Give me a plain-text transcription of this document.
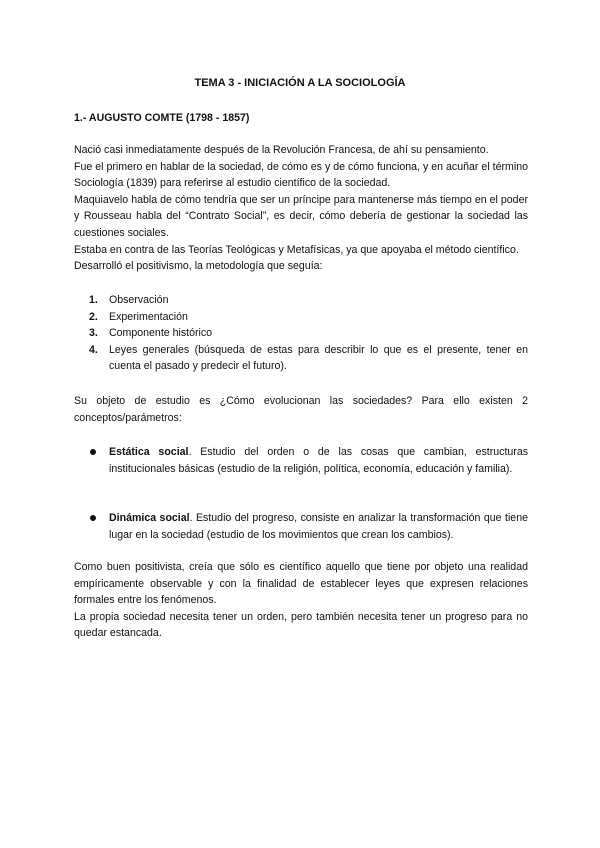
TEMA 3 - INICIACIÓN A LA SOCIOLOGÍA
1.- AUGUSTO COMTE (1798 - 1857)

Nació casi inmediatamente después de la Revolución Francesa, de ahí su pensamiento.

Fue el primero en hablar de la sociedad, de cómo es y de cómo funciona, y en acuñar el término Sociología (1839) para referirse al estudio científico de la sociedad.

Maquiavelo habla de cómo tendría que ser un príncipe para mantenerse más tiempo en el poder y Rousseau habla del “Contrato Social”, es decir, cómo debería de gestionar la sociedad las cuestiones sociales.

Estaba en contra de las Teorías Teológicas y Metafísicas, ya que apoyaba el método científico.

Desarrolló el positivismo, la metodología que seguía:

1. Observación
2. Experimentación
3. Componente histórico
4. Leyes generales (búsqueda de estas para describir lo que es el presente, tener en cuenta el pasado y predecir el futuro).

Su objeto de estudio es ¿Cómo evolucionan las sociedades? Para ello existen 2 conceptos/parámetros:

Estática social. Estudio del orden o de las cosas que cambian, estructuras institucionales básicas (estudio de la religión, política, economía, educación y familia).
Dinámica social. Estudio del progreso, consiste en analizar la transformación que tiene lugar en la sociedad (estudio de los movimientos que crean los cambios).

Como buen positivista, creía que sólo es científico aquello que tiene por objeto una realidad empíricamente observable y con la finalidad de establecer leyes que expresen relaciones formales entre los fenómenos.

La propia sociedad necesita tener un orden, pero también necesita tener un progreso para no quedar estancada.
